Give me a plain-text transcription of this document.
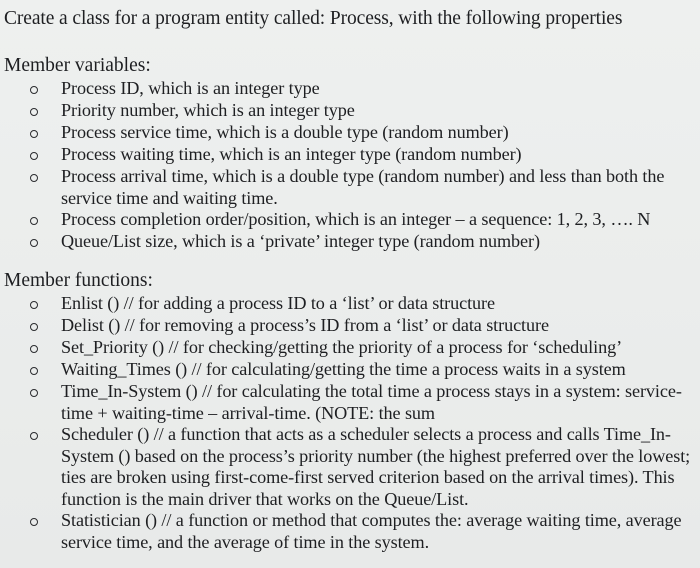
Create a class for a program entity called: Process, with the following properties
Member variables:
Process ID, which is an integer type
Priority number, which is an integer type
Process service time, which is a double type (random number)
Process waiting time, which is an integer type (random number)
Process arrival time, which is a double type (random number) and less than both the service time and waiting time.
Process completion order/position, which is an integer – a sequence: 1, 2, 3, …. N
Queue/List size, which is a ‘private’ integer type (random number)
Member functions:
Enlist () // for adding a process ID to a ‘list’ or data structure
Delist () // for removing a process’s ID from a ‘list’ or data structure
Set_Priority () // for checking/getting the priority of a process for ‘scheduling’
Waiting_Times () // for calculating/getting the time a process waits in a system
Time_In-System () // for calculating the total time a process stays in a system: service-time + waiting-time – arrival-time. (NOTE: the sum
Scheduler () // a function that acts as a scheduler selects a process and calls Time_In-System () based on the process’s priority number (the highest preferred over the lowest; ties are broken using first-come-first served criterion based on the arrival times). This function is the main driver that works on the Queue/List.
Statistician () // a function or method that computes the: average waiting time, average service time, and the average of time in the system.
